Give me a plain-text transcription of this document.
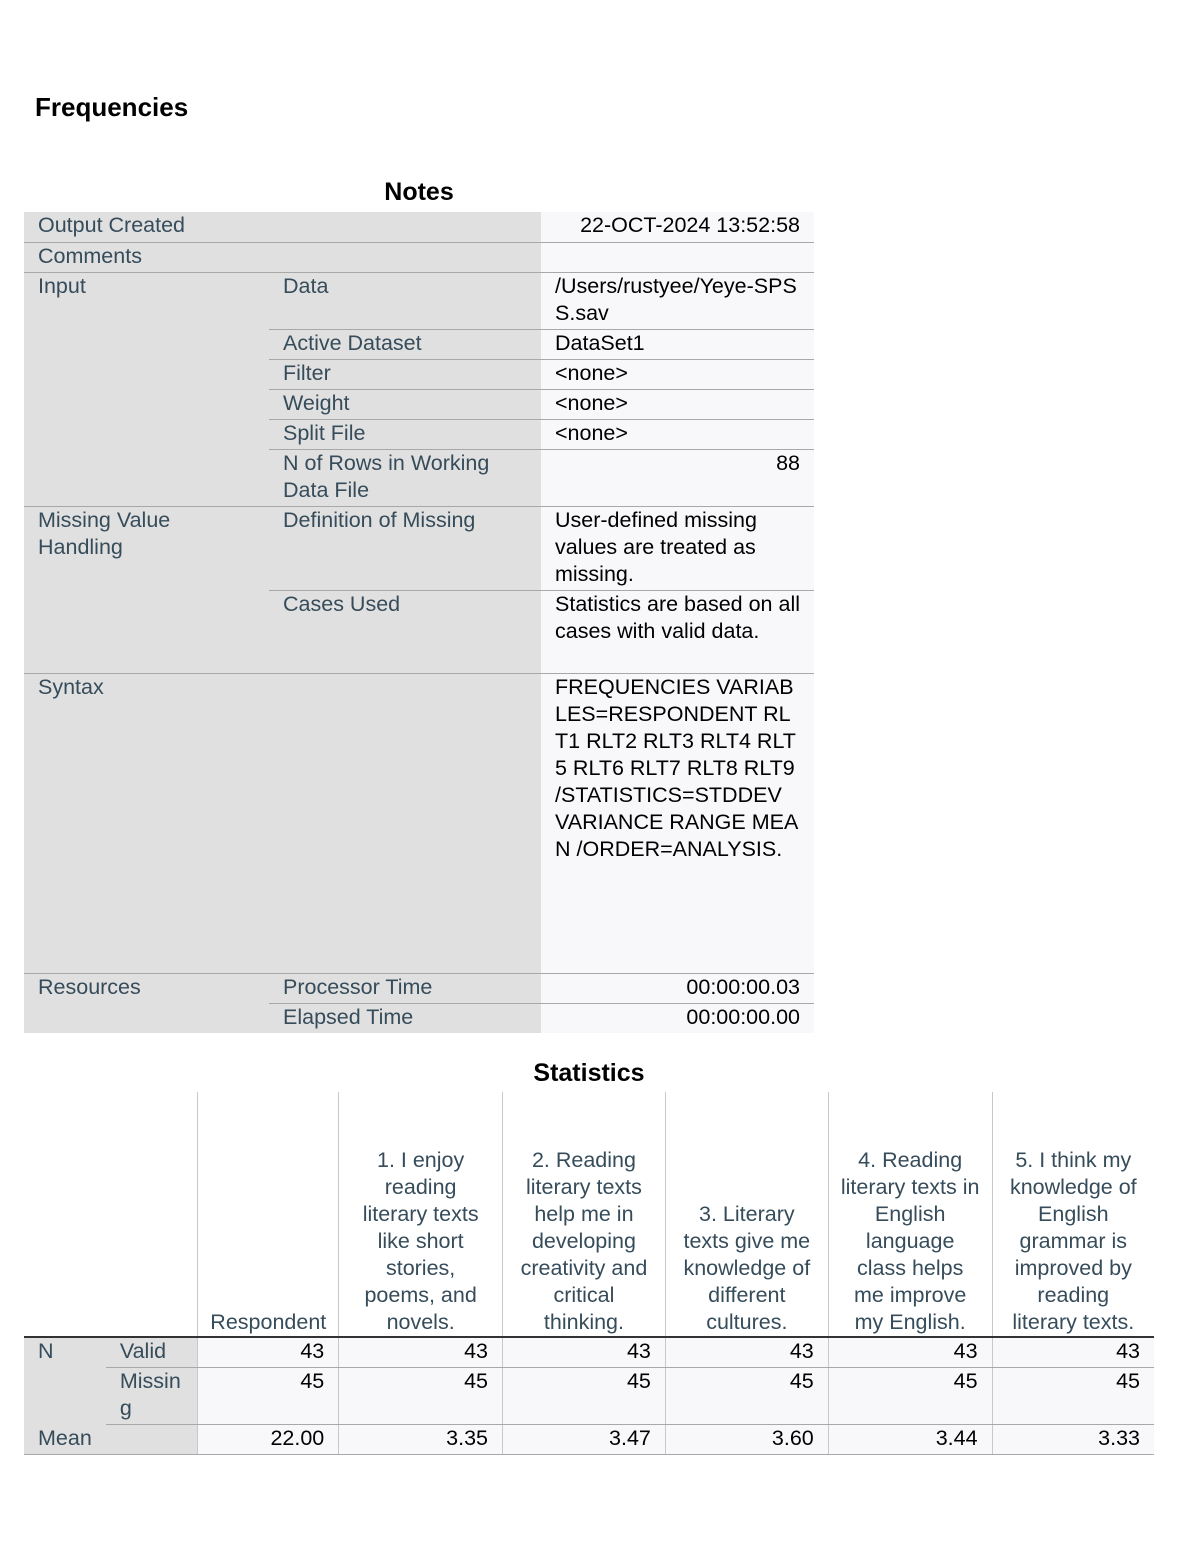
Frequencies
Notes
Output Created		22-OCT-2024 13:52:58
Comments		
Input	Data	/Users/rustyee/Yeye-SPSS.sav
	Active Dataset	DataSet1
	Filter	<none>
	Weight	<none>
	Split File	<none>
	N of Rows in Working Data File	88
Missing Value Handling	Definition of Missing	User-defined missing values are treated as missing.
	Cases Used	Statistics are based on all cases with valid data.
Syntax		FREQUENCIES VARIABLES=RESPONDENT RLT1 RLT2 RLT3 RLT4 RLT5 RLT6 RLT7 RLT8 RLT9 /STATISTICS=STDDEV VARIANCE RANGE MEAN /ORDER=ANALYSIS.
Resources	Processor Time	00:00:00.03
	Elapsed Time	00:00:00.00
Statistics
		Respondent	1. I enjoy reading literary texts like short stories, poems, and novels.	2. Reading literary texts help me in developing creativity and critical thinking.	3. Literary texts give me knowledge of different cultures.	4. Reading literary texts in English language class helps me improve my English.	5. I think my knowledge of English grammar is improved by reading literary texts.
N	Valid	43	43	43	43	43	43
	Missing	45	45	45	45	45	45
Mean		22.00	3.35	3.47	3.60	3.44	3.33
